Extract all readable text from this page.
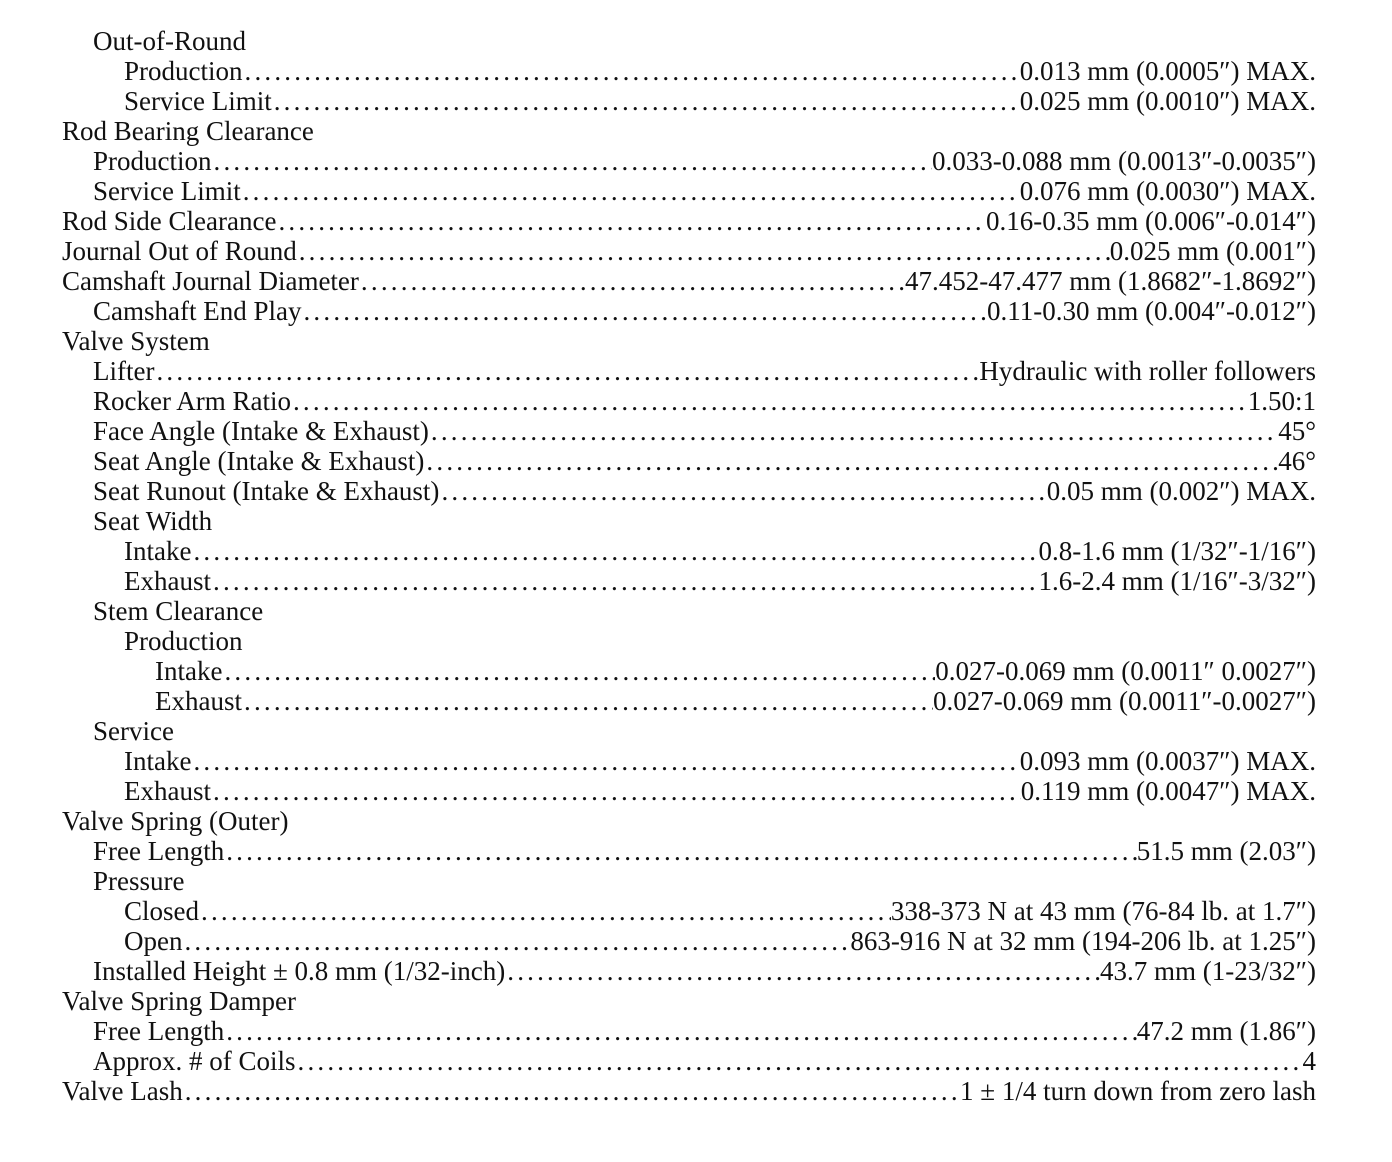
Out-of-Round
Production .....	0.013 mm (0.0005″) MAX.
Service Limit .....	0.025 mm (0.0010″) MAX.
Rod Bearing Clearance
Production .....	0.033-0.088 mm (0.0013″-0.0035″)
Service Limit .....	0.076 mm (0.0030″) MAX.
Rod Side Clearance .....	0.16-0.35 mm (0.006″-0.014″)
Journal Out of Round .....	0.025 mm (0.001″)
Camshaft Journal Diameter .....	47.452-47.477 mm (1.8682″-1.8692″)
Camshaft End Play .....	0.11-0.30 mm (0.004″-0.012″)
Valve System
Lifter .....	Hydraulic with roller followers
Rocker Arm Ratio .....	1.50:1
Face Angle (Intake & Exhaust) .....	45°
Seat Angle (Intake & Exhaust) .....	46°
Seat Runout (Intake & Exhaust) .....	0.05 mm (0.002″) MAX.
Seat Width
Intake .....	0.8-1.6 mm (1/32″-1/16″)
Exhaust .....	1.6-2.4 mm (1/16″-3/32″)
Stem Clearance
Production
Intake .....	0.027-0.069 mm (0.0011″ 0.0027″)
Exhaust .....	0.027-0.069 mm (0.0011″-0.0027″)
Service
Intake .....	0.093 mm (0.0037″) MAX.
Exhaust .....	0.119 mm (0.0047″) MAX.
Valve Spring (Outer)
Free Length .....	51.5 mm (2.03″)
Pressure
Closed .....	338-373 N at 43 mm (76-84 lb. at 1.7″)
Open .....	863-916 N at 32 mm (194-206 lb. at 1.25″)
Installed Height ± 0.8 mm (1/32-inch) .....	43.7 mm (1-23/32″)
Valve Spring Damper
Free Length .....	47.2 mm (1.86″)
Approx. # of Coils .....	4
Valve Lash .....	1 ± 1/4 turn down from zero lash
